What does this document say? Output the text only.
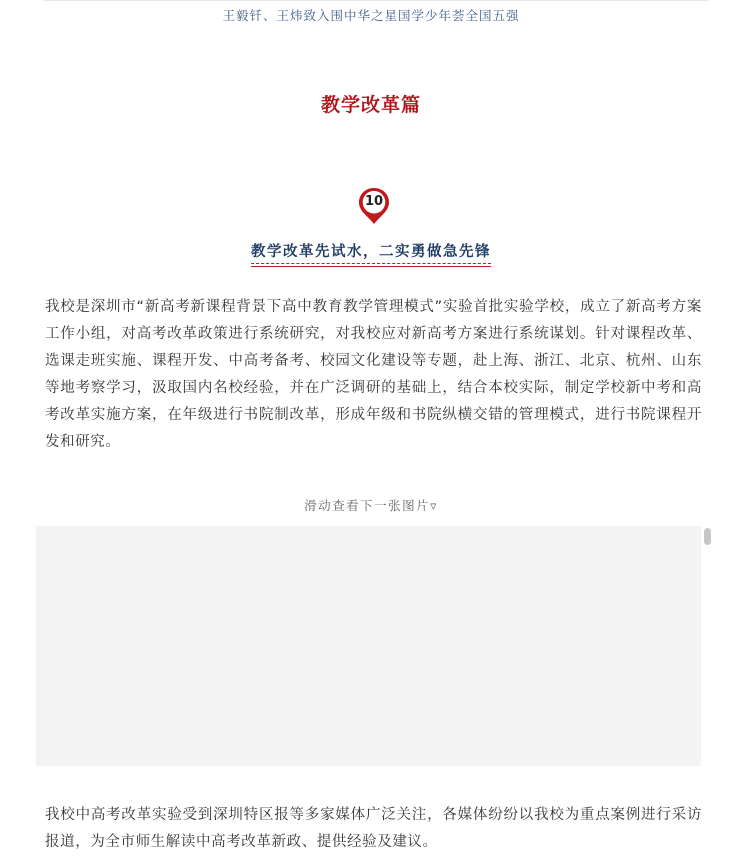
王毅钎、王炜致入围中华之星国学少年荟全国五强
教学改革篇
10
教学改革先试水，二实勇做急先锋

我校是深圳市“新高考新课程背景下高中教育教学管理模式”实验首批实验学校，成立了新高考方案工作小组，对高考改革政策进行系统研究，对我校应对新高考方案进行系统谋划。针对课程改革、选课走班实施、课程开发、中高考备考、校园文化建设等专题，赴上海、浙江、北京、杭州、山东等地考察学习，汲取国内名校经验，并在广泛调研的基础上，结合本校实际，制定学校新中考和高考改革实施方案，在年级进行书院制改革，形成年级和书院纵横交错的管理模式，进行书院课程开发和研究。

滑动查看下一张图片▿

我校中高考改革实验受到深圳特区报等多家媒体广泛关注，各媒体纷纷以我校为重点案例进行采访报道，为全市师生解读中高考改革新政、提供经验及建议。
